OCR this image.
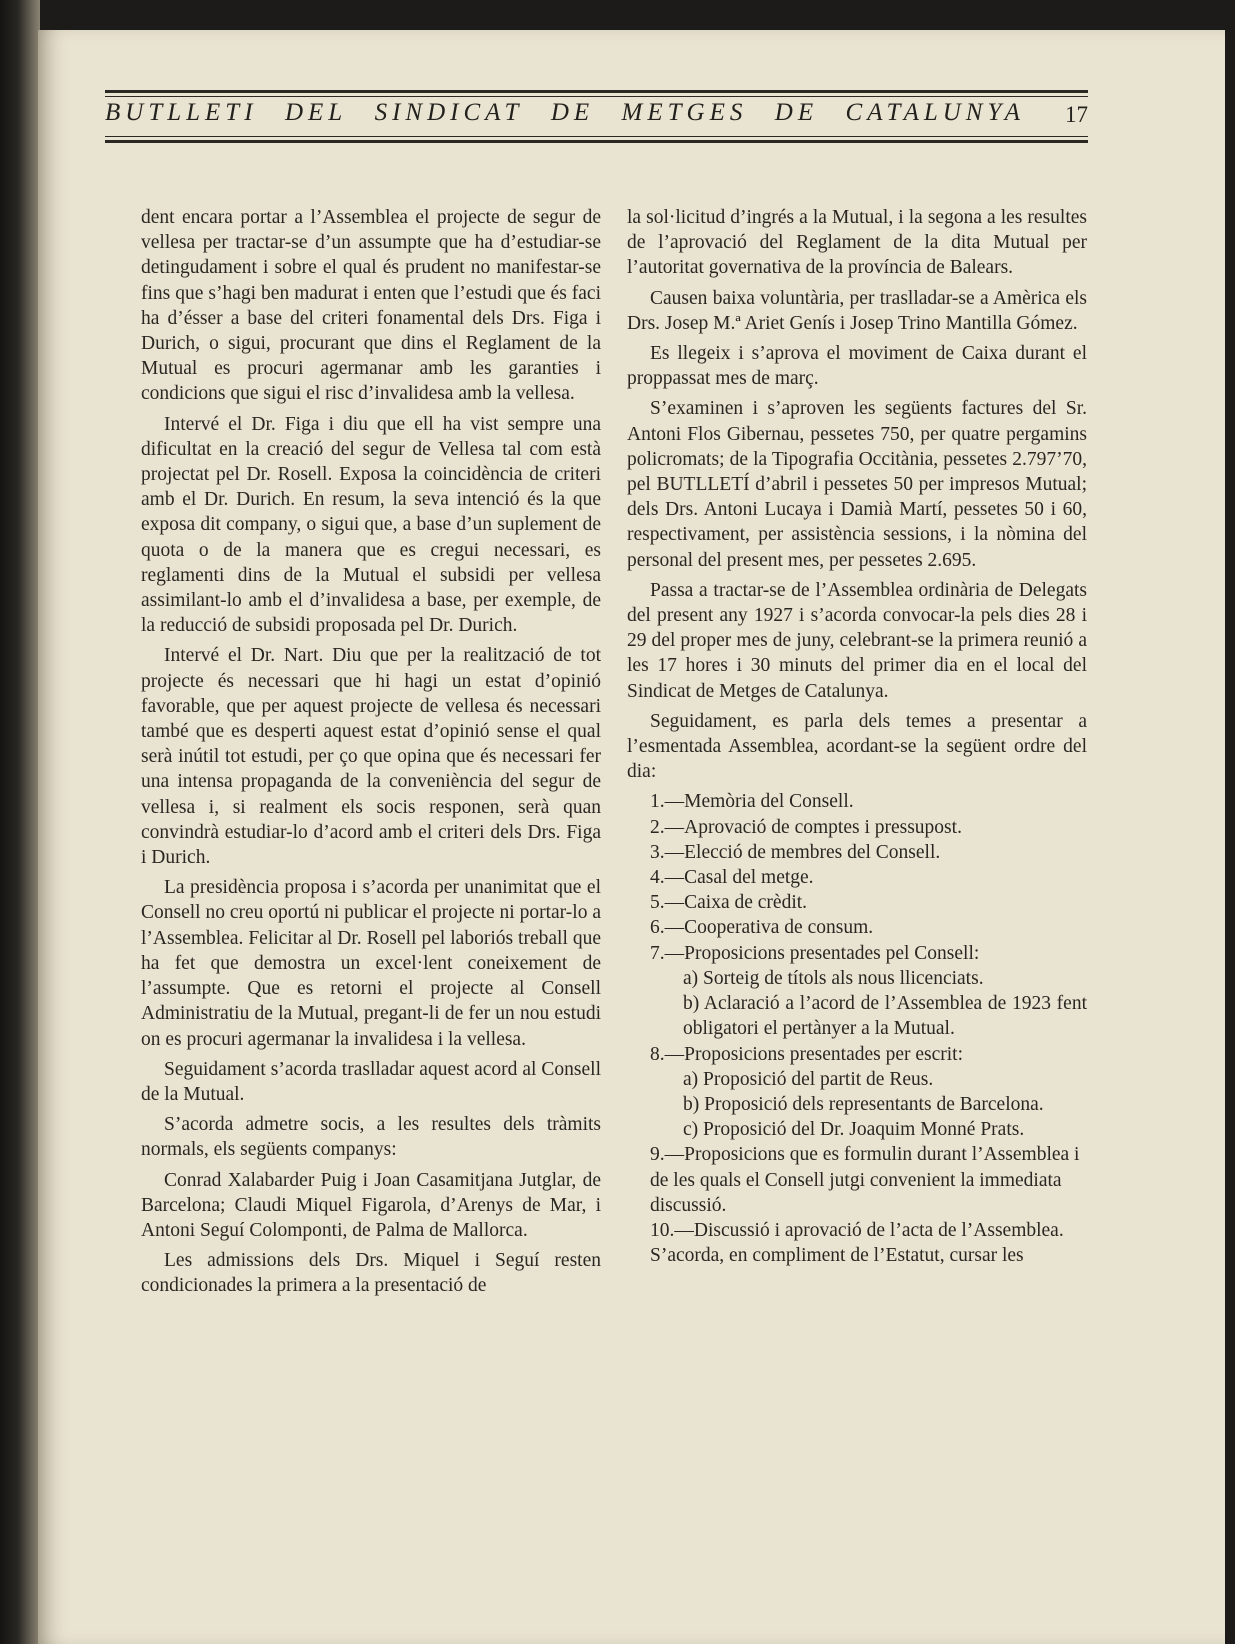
BUTLLETI DEL SINDICAT DE METGES DE CATALUNYA 17

dent encara portar a l’Assemblea el projecte de segur de vellesa per tractar-se d’un assumpte que ha d’estudiar-se detingudament i sobre el qual és prudent no manifestar-se fins que s’hagi ben madurat i enten que l’estudi que és faci ha d’ésser a base del criteri fonamental dels Drs. Figa i Durich, o sigui, procurant que dins el Reglament de la Mutual es procuri agermanar amb les garanties i condicions que sigui el risc d’invalidesa amb la vellesa.

Intervé el Dr. Figa i diu que ell ha vist sempre una dificultat en la creació del segur de Vellesa tal com està projectat pel Dr. Rosell. Exposa la coincidència de criteri amb el Dr. Durich. En resum, la seva intenció és la que exposa dit company, o sigui que, a base d’un suplement de quota o de la manera que es cregui necessari, es reglamenti dins de la Mutual el subsidi per vellesa assimilant-lo amb el d’invalidesa a base, per exemple, de la reducció de subsidi proposada pel Dr. Durich.

Intervé el Dr. Nart. Diu que per la realització de tot projecte és necessari que hi hagi un estat d’opinió favorable, que per aquest projecte de vellesa és necessari també que es desperti aquest estat d’opinió sense el qual serà inútil tot estudi, per ço que opina que és necessari fer una intensa propaganda de la conveniència del segur de vellesa i, si realment els socis responen, serà quan convindrà estudiar-lo d’acord amb el criteri dels Drs. Figa i Durich.

La presidència proposa i s’acorda per unanimitat que el Consell no creu oportú ni publicar el projecte ni portar-lo a l’Assemblea. Felicitar al Dr. Rosell pel laboriós treball que ha fet que demostra un excel·lent coneixement de l’assumpte. Que es retorni el projecte al Consell Administratiu de la Mutual, pregant-li de fer un nou estudi on es procuri agermanar la invalidesa i la vellesa.

Seguidament s’acorda traslladar aquest acord al Consell de la Mutual.

S’acorda admetre socis, a les resultes dels tràmits normals, els següents companys:

Conrad Xalabarder Puig i Joan Casamitjana Jutglar, de Barcelona; Claudi Miquel Figarola, d’Arenys de Mar, i Antoni Seguí Colomponti, de Palma de Mallorca.

Les admissions dels Drs. Miquel i Seguí resten condicionades la primera a la presentació de

la sol·licitud d’ingrés a la Mutual, i la segona a les resultes de l’aprovació del Reglament de la dita Mutual per l’autoritat governativa de la província de Balears.

Causen baixa voluntària, per traslladar-se a Amèrica els Drs. Josep M.ª Ariet Genís i Josep Trino Mantilla Gómez.

Es llegeix i s’aprova el moviment de Caixa durant el proppassat mes de març.

S’examinen i s’aproven les següents factures del Sr. Antoni Flos Gibernau, pessetes 750, per quatre pergamins policromats; de la Tipografia Occitània, pessetes 2.797’70, pel BUTLLETÍ d’abril i pessetes 50 per impresos Mutual; dels Drs. Antoni Lucaya i Damià Martí, pessetes 50 i 60, respectivament, per assistència sessions, i la nòmina del personal del present mes, per pessetes 2.695.

Passa a tractar-se de l’Assemblea ordinària de Delegats del present any 1927 i s’acorda convocar-la pels dies 28 i 29 del proper mes de juny, celebrant-se la primera reunió a les 17 hores i 30 minuts del primer dia en el local del Sindicat de Metges de Catalunya.

Seguidament, es parla dels temes a presentar a l’esmentada Assemblea, acordant-se la següent ordre del dia:

1.—Memòria del Consell.

2.—Aprovació de comptes i pressupost.

3.—Elecció de membres del Consell.

4.—Casal del metge.

5.—Caixa de crèdit.

6.—Cooperativa de consum.

7.—Proposicions presentades pel Consell:

a) Sorteig de títols als nous llicenciats.

b) Aclaració a l’acord de l’Assemblea de 1923 fent obligatori el pertànyer a la Mutual.

8.—Proposicions presentades per escrit:

a) Proposició del partit de Reus.

b) Proposició dels representants de Barcelona.

c) Proposició del Dr. Joaquim Monné Prats.

9.—Proposicions que es formulin durant l’Assemblea i de les quals el Consell jutgi convenient la immediata discussió.

10.—Discussió i aprovació de l’acta de l’Assemblea.

S’acorda, en compliment de l’Estatut, cursar les
